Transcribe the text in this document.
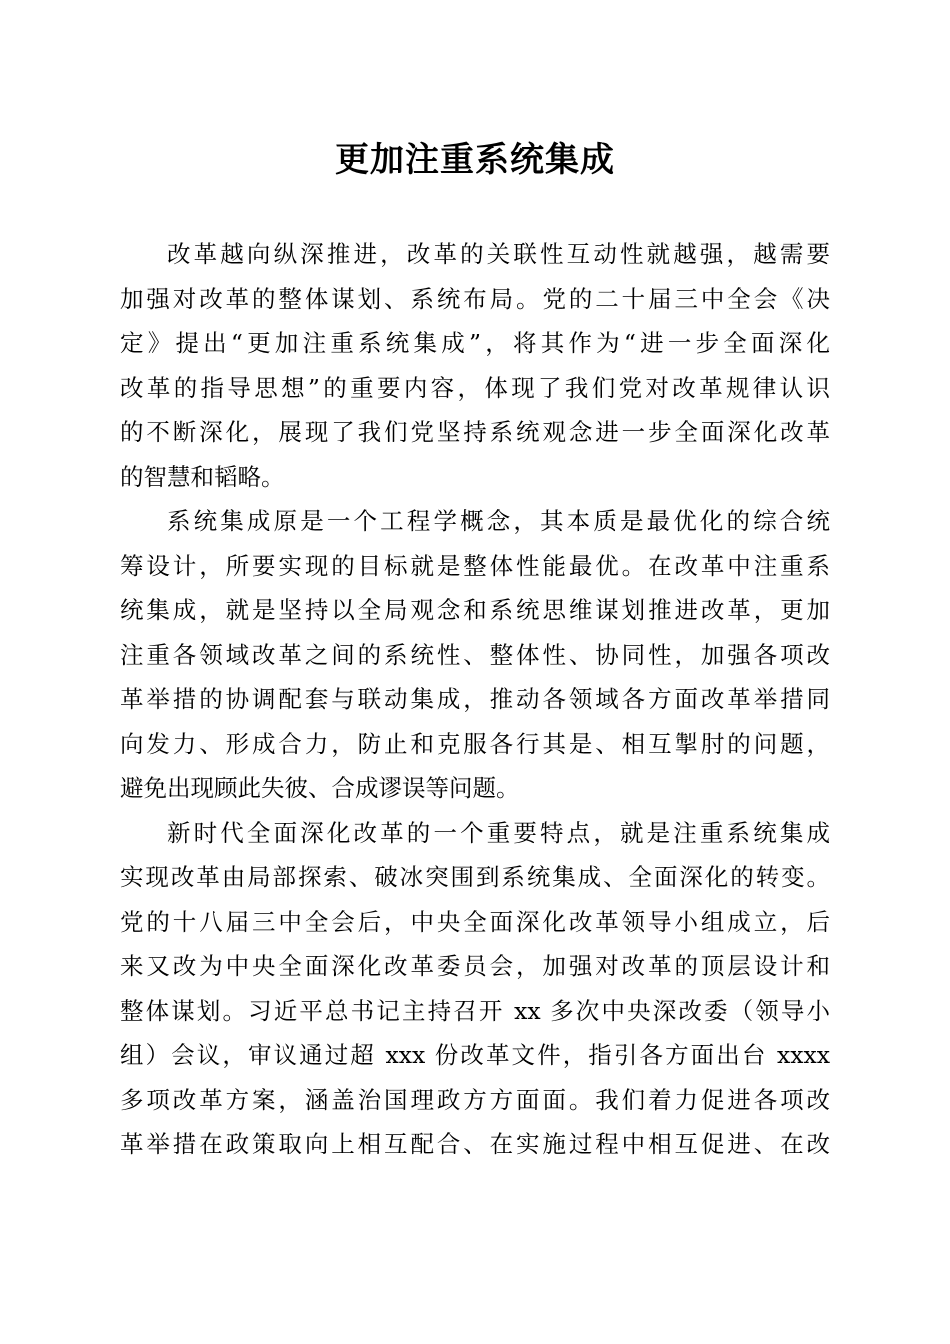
更加注重系统集成
改革越向纵深推进，改革的关联性互动性就越强，越需要
加强对改革的整体谋划、系统布局。党的二十届三中全会《决
定》提出“更加注重系统集成”，将其作为“进一步全面深化
改革的指导思想”的重要内容，体现了我们党对改革规律认识
的不断深化，展现了我们党坚持系统观念进一步全面深化改革
的智慧和韬略。
系统集成原是一个工程学概念，其本质是最优化的综合统
筹设计，所要实现的目标就是整体性能最优。在改革中注重系
统集成，就是坚持以全局观念和系统思维谋划推进改革，更加
注重各领域改革之间的系统性、整体性、协同性，加强各项改
革举措的协调配套与联动集成，推动各领域各方面改革举措同
向发力、形成合力，防止和克服各行其是、相互掣肘的问题，
避免出现顾此失彼、合成谬误等问题。
新时代全面深化改革的一个重要特点，就是注重系统集成
实现改革由局部探索、破冰突围到系统集成、全面深化的转变。
党的十八届三中全会后，中央全面深化改革领导小组成立，后
来又改为中央全面深化改革委员会，加强对改革的顶层设计和
整体谋划。习近平总书记主持召开 xx 多次中央深改委（领导小
组）会议，审议通过超 xxx 份改革文件，指引各方面出台 xxxx
多项改革方案，涵盖治国理政方方面面。我们着力促进各项改
革举措在政策取向上相互配合、在实施过程中相互促进、在改
